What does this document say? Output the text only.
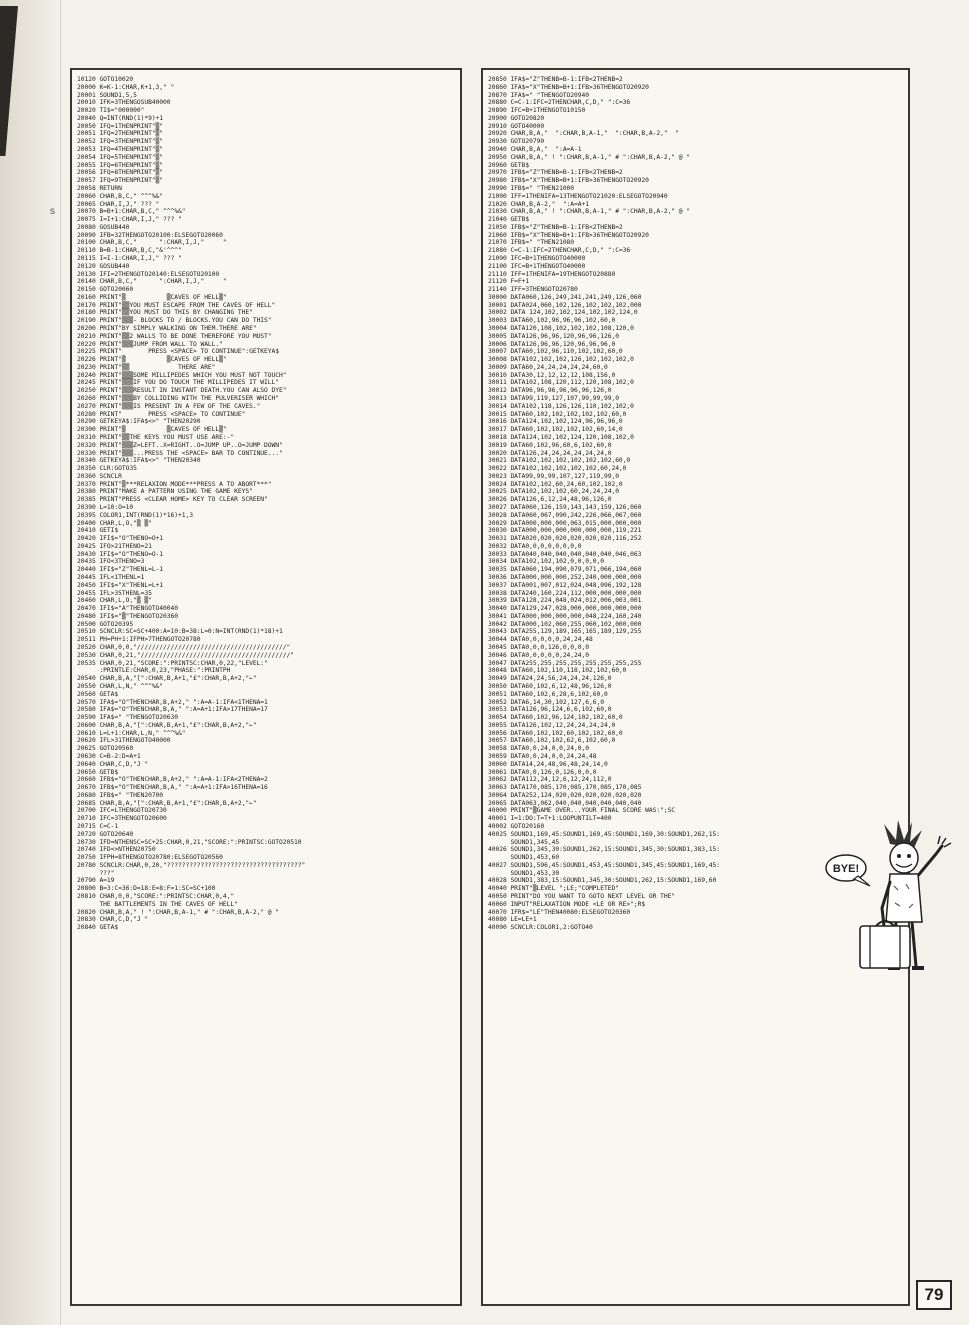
s
10120 GOTO10020
20000 K=K-1:CHAR,K+1,3," "
20001 SOUND1,5,5
20010 IFK=3THENGOSUB40000
20020 TI$="000000"
20040 Q=INT(RND(1)*9)+1
20050 IFQ=1THENPRINT"▒"
20051 IFQ=2THENPRINT"▒"
20052 IFQ=3THENPRINT"▒"
20053 IFQ=4THENPRINT"▒"
20054 IFQ=5THENPRINT"▒"
20055 IFQ=6THENPRINT"▒"
20056 IFQ=8THENPRINT"▒"
20057 IFQ=9THENPRINT"▒"
20058 RETURN
20060 CHAR,B,C," ^^^%&"
20065 CHAR,I,J," ??? "
20070 B=B+1:CHAR,B,C," ^^^%&"
20075 I=I+1:CHAR,I,J," ??? "
20080 GOSUB440
20090 IFB=32THENGOTO20100:ELSEGOTO20060
20100 CHAR,B,C,"      ":CHAR,I,J,"     "
20110 B=B-1:CHAR,B,C,"&'^^^"
20115 I=I-1:CHAR,I,J," ??? "
20120 GOSUB440
20130 IFI=2THENGOTO20140:ELSEGOTO20100
20140 CHAR,B,C,"      ":CHAR,I,J,"     "
20150 GOTO20060
20160 PRINT"▒           ▒CAVES OF HELL▒"
20170 PRINT"▒▒YOU MUST ESCAPE FROM THE CAVES OF HELL"
20180 PRINT"▒▒YOU MUST DO THIS BY CHANGING THE"
20190 PRINT"▒▒▒- BLOCKS TO / BLOCKS.YOU CAN DO THIS"
20200 PRINT"BY SIMPLY WALKING ON THEM.THERE ARE"
20210 PRINT"▒▒2 WALLS TO BE DONE THEREFORE YOU MUST"
20220 PRINT"▒▒▒JUMP FROM WALL TO WALL."
20225 PRINT"       PRESS <SPACE> TO CONTINUE":GETKEYA$
20226 PRINT"▒           ▒CAVES OF HELL▒"
20230 PRINT"▒▒             THERE ARE"
20240 PRINT"▒▒▒SOME MILLIPEDES WHICH YOU MUST NOT TOUCH"
20245 PRINT"▒▒▒IF YOU DO TOUCH THE MILLIPEDES IT WILL"
20250 PRINT"▒▒▒RESULT IN INSTANT DEATH.YOU CAN ALSO DYE"
20260 PRINT"▒▒▒BY COLLIDING WITH THE PULVERISER WHICH"
20270 PRINT"▒▒▒IS PRESENT IN A FEW OF THE CAVES."
20280 PRINT"       PRESS <SPACE> TO CONTINUE"
20290 GETKEYA$:IFA$<>" "THEN20290
20300 PRINT"▒           ▒CAVES OF HELL▒"
20310 PRINT"▒▒THE KEYS YOU MUST USE ARE:-"
20320 PRINT"▒▒▒Z=LEFT..X=RIGHT..O=JUMP UP..O=JUMP DOWN"
20330 PRINT"▒▒▒...PRESS THE <SPACE> BAR TO CONTINUE..."
20340 GETKEYA$:IFA$<>" "THEN20340
20350 CLR:GOTO35
20360 SCNCLR
20370 PRINT"▒***RELAXION MODE***PRESS A TO ABORT***"
20380 PRINT"MAKE A PATTERN USING THE GAME KEYS"
20385 PRINT"PRESS <CLEAR HOME> KEY TO CLEAR SCREEN"
20390 L=10:O=10
20395 COLOR1,INT(RND(1)*16)+1,3
20400 CHAR,L,O,"▒ ▒"
20410 GETI$
20420 IFI$="O"THENO=O+1
20425 IFO>21THENO=21
20430 IFI$="O"THENO=O-1
20435 IFO<3THENO=3
20440 IFI$="Z"THENL=L-1
20445 IFL<1THENL=1
20450 IFI$="X"THENL=L+1
20455 IFL>35THENL=35
20460 CHAR,L,O,"▒ ▒"
20470 IFI$="A"THENGOTO40040
20480 IFI$="▒"THENGOTO20360
20500 GOTO20395
20510 SCNCLR:SC=SC+400:A=10:B=38:L=0:N=INT(RND(1)*18)+1
20511 PH=PH+1:IFPH>7THENGOTO20780
20520 CHAR,0,0,"////////////////////////////////////////"
20530 CHAR,0,21,"////////////////////////////////////////"
20535 CHAR,0,21,"SCORE:":PRINTSC:CHAR,0,22,"LEVEL:"
:PRINTLE:CHAR,0,23,"PHASE:":PRINTPH
20540 CHAR,B,A,"[":CHAR,B,A+1,"£":CHAR,B,A+2,"←"
20550 CHAR,L,N," ^^^%&"
20560 GETA$
20570 IFA$="O"THENCHAR,B,A+2," ":A=A-1:IFA<1THENA=1
20580 IFA$="O"THENCHAR,B,A," ":A=A+1:IFA>17THENA=17
20590 IFA$=" "THENGOTO20630
20600 CHAR,B,A,"[":CHAR,B,A+1,"£":CHAR,B,A+2,"←"
20610 L=L+1:CHAR,L,N," ^^^%&"
20620 IFL>31THENGOTO40000
20625 GOTO20560
20630 C=B-2:D=A+1
20640 CHAR,C,D,"J "
20650 GETB$
20660 IFB$="O"THENCHAR,B,A+2," ":A=A-1:IFA<2THENA=2
20670 IFB$="O"THENCHAR,B,A," ":A=A+1:IFA>16THENA=16
20680 IFB$=" "THEN20700
20685 CHAR,B,A,"[":CHAR,B,A+1,"£":CHAR,B,A+2,"←"
20700 IFC=LTHENGOTO20730
20710 IFC=3THENGOTO20600
20715 C=C-1
20720 GOTO20640
20730 IFD=NTHENSC=SC+25:CHAR,0,21,"SCORE:":PRINTSC:GOTO20510
20740 IFD<>NTHEN20750
20750 IFPH=8THENGOTO20780:ELSEGOTO20560
20780 SCNCLR:CHAR,0,20,"????????????????????????????????????"
???"
20790 A=19
20800 B=3:C=36:D=18:E=8:F=1:SC=SC+100
20810 CHAR,0,0,"SCORE:":PRINTSC:CHAR,0,4,"
THE BATTLEMENTS IN THE CAVES OF HELL"
20820 CHAR,B,A," ! ":CHAR,B,A-1," # ":CHAR,B,A-2," @ "
20830 CHAR,C,D,"J "
20840 GETA$
20850 IFA$="Z"THENB=B-1:IFB<2THENB=2
20860 IFA$="X"THENB=B+1:IFB>36THENGOTO20920
20870 IFA$=" "THENGOTO20940
20880 C=C-1:IFC=2THENCHAR,C,D," ":C=36
20890 IFC=B+1THENGOTO10150
20900 GOTO20820
20910 GOTO40000
20920 CHAR,B,A,"  ":CHAR,B,A-1,"  ":CHAR,B,A-2,"  "
20930 GOTO20790
20940 CHAR,B,A,"  ":A=A-1
20950 CHAR,B,A," ! ":CHAR,B,A-1," # ":CHAR,B,A-2," @ "
20960 GETB$
20970 IFB$="Z"THENB=B-1:IFB<2THENB=2
20980 IFB$="X"THENB=B+1:IFB>36THENGOTO20920
20990 IFB$=" "THEN21000
21000 IFF=1THENIFA=13THENGOTO21020:ELSEGOTO20940
21020 CHAR,B,A-2,"  ":A=A+1
21030 CHAR,B,A," ! ":CHAR,B,A-1," # ":CHAR,B,A-2," @ "
21040 GETB$
21050 IFB$="Z"THENB=B-1:IFB<2THENB=2
21060 IFB$="X"THENB=B+1:IFB>36THENGOTO20920
21070 IFB$=" "THEN21080
21080 C=C-1:IFC=2THENCHAR,C,D," ":C=36
21090 IFC=B+1THENGOTO40000
21100 IFC=B+1THENGOTO40000
21110 IFF=1THENIFA=19THENGOTO20880
21120 F=F+1
21140 IFF=3THENGOTO20780
30000 DATA060,126,249,241,241,249,126,060
30001 DATA024,060,102,126,102,102,102,000
30002 DATA 124,102,102,124,102,102,124,0
30003 DATA60,102,96,96,96,102,60,0
30004 DATA120,108,102,102,102,108,120,0
30005 DATA126,96,96,120,96,96,126,0
30006 DATA126,96,96,120,96,96,96,0
30007 DATA60,102,96,110,102,102,60,0
30008 DATA102,102,102,126,102,102,102,0
30009 DATA60,24,24,24,24,24,60,0
30010 DATA30,12,12,12,12,108,156,0
30011 DATA102,108,120,112,120,108,102,0
30012 DATA96,96,96,96,96,96,126,0
30013 DATA99,119,127,107,99,99,99,0
30014 DATA102,118,126,126,110,102,102,0
30015 DATA60,102,102,102,102,102,60,0
30016 DATA124,102,102,124,96,96,96,0
30017 DATA60,102,102,102,102,60,14,0
30018 DATA124,102,102,124,120,108,102,0
30019 DATA60,102,96,60,6,102,60,0
30020 DATA126,24,24,24,24,24,24,0
30021 DATA102,102,102,102,102,102,60,0
30022 DATA102,102,102,102,102,60,24,0
30023 DATA99,99,99,107,127,119,99,0
30024 DATA102,102,60,24,60,102,102,0
30025 DATA102,102,102,60,24,24,24,0
30026 DATA126,6,12,24,48,96,126,0
30027 DATA060,126,159,143,143,159,126,060
30028 DATA060,067,090,242,226,066,067,060
30029 DATA000,000,000,063,015,000,000,000
30030 DATA000,000,000,000,000,000,119,221
30031 DATA020,020,020,020,020,020,116,252
30032 DATA0,0,0,0,0,0,0,0
30033 DATA040,040,040,040,040,040,046,063
30034 DATA102,102,102,0,0,0,0,0
30035 DATA060,194,090,079,071,066,194,060
30036 DATA000,000,000,252,240,000,000,000
30037 DATA001,007,012,024,048,096,192,128
30038 DATA240,160,224,112,000,000,000,000
30039 DATA128,224,048,024,012,006,003,001
30040 DATA129,247,028,000,000,000,000,000
30041 DATA000,000,000,000,048,224,160,240
30042 DATA000,102,060,255,060,102,000,000
30043 DATA255,129,189,165,165,189,129,255
30044 DATA0,0,0,0,0,24,24,48
30045 DATA0,0,0,126,0,0,0,0
30046 DATA0,0,0,0,0,24,24,0
30047 DATA255,255,255,255,255,255,255,255
30048 DATA60,102,110,118,102,102,60,0
30049 DATA24,24,56,24,24,24,126,0
30050 DATA60,102,6,12,48,96,126,0
30051 DATA60,102,6,28,6,102,60,0
30052 DATA6,14,30,102,127,6,6,0
30053 DATA126,96,124,6,6,102,60,0
30054 DATA60,102,96,124,102,102,60,0
30055 DATA126,102,12,24,24,24,24,0
30056 DATA60,102,102,60,102,102,60,0
30057 DATA60,102,102,62,6,102,60,0
30058 DATA0,0,24,0,0,24,0,0
30059 DATA0,0,24,0,0,24,24,48
30060 DATA14,24,48,96,48,24,14,0
30061 DATA0,0,126,0,126,0,0,0
30062 DATA112,24,12,6,12,24,112,0
30063 DATA170,085,170,085,170,085,170,085
30064 DATA252,124,020,020,020,020,020,020
30065 DATA063,062,040,040,040,040,040,040
40000 PRINT"▒GAME OVER...YOUR FINAL SCORE WAS:";SC
40001 I=1:DO:T=T+1:LOOPUNTILT=400
40002 GOTO20160
40025 SOUND1,169,45:SOUND1,169,45:SOUND1,169,30:SOUND1,262,15:
SOUND1,345,45
40026 SOUND1,345,30:SOUND1,262,15:SOUND1,345,30:SOUND1,383,15:
SOUND1,453,60
40027 SOUND1,596,45:SOUND1,453,45:SOUND1,345,45:SOUND1,169,45:
SOUND1,453,30
40028 SOUND1,383,15:SOUND1,345,30:SOUND1,262,15:SOUND1,169,60
40040 PRINT"▒LEVEL ";LE;"COMPLETED"
40050 PRINT"DO YOU WANT TO GOTO NEXT LEVEL OR THE"
40060 INPUT"RELAXATION MODE <LE OR RE>";R$
40070 IFR$="LE"THEN40080:ELSEGOTO20360
40080 LE=LE+1
40090 SCNCLR:COLOR1,2:GOTO40
BYE!
79
